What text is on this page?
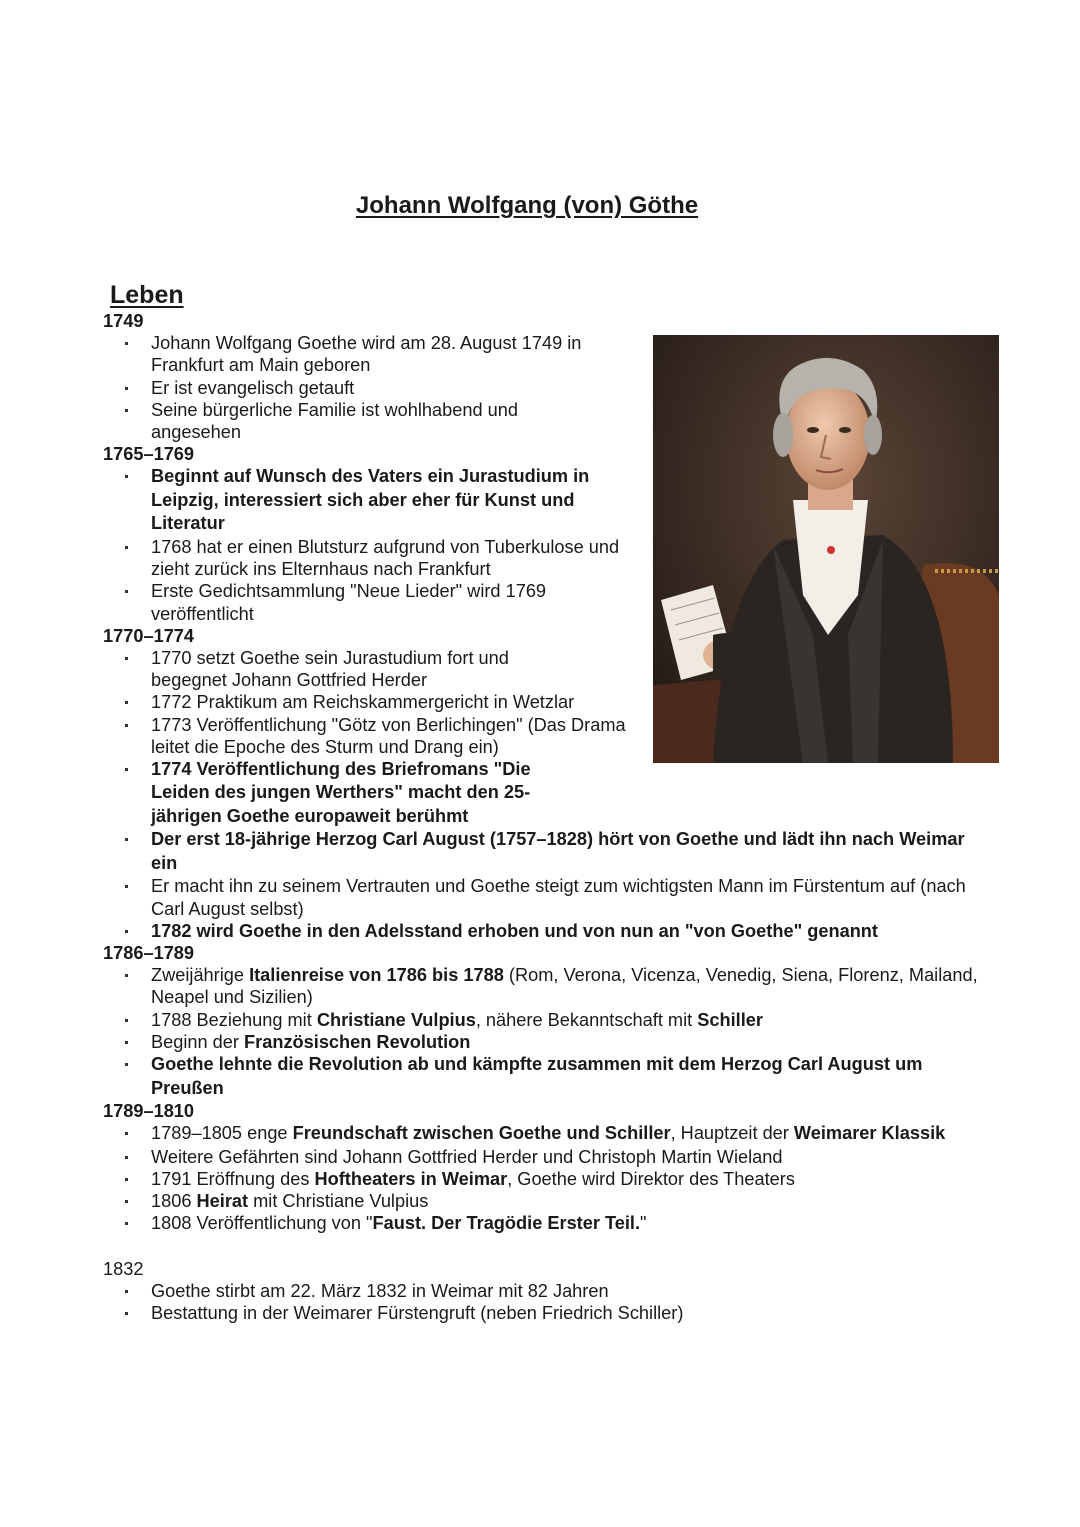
Johann Wolfgang (von) Göthe
Leben
1749
Johann Wolfgang Goethe wird am 28. August 1749 in Frankfurt am Main geboren
Er ist evangelisch getauft
Seine bürgerliche Familie ist wohlhabend und angesehen
1765–1769
Beginnt auf Wunsch des Vaters ein Jurastudium in Leipzig, interessiert sich aber eher für Kunst und Literatur
1768 hat er einen Blutsturz aufgrund von Tuberkulose und zieht zurück ins Elternhaus nach Frankfurt
Erste Gedichtsammlung "Neue Lieder" wird 1769 veröffentlicht
1770–1774
1770 setzt Goethe sein Jurastudium fort und begegnet Johann Gottfried Herder
1772 Praktikum am Reichskammergericht in Wetzlar
1773 Veröffentlichung "Götz von Berlichingen" (Das Drama leitet die Epoche des Sturm und Drang ein)
1774 Veröffentlichung des Briefromans "Die Leiden des jungen Werthers" macht den 25-jährigen Goethe europaweit berühmt
Der erst 18-jährige Herzog Carl August (1757–1828) hört von Goethe und lädt ihn nach Weimar ein
Er macht ihn zu seinem Vertrauten und Goethe steigt zum wichtigsten Mann im Fürstentum auf (nach Carl August selbst)
1782 wird Goethe in den Adelsstand erhoben und von nun an "von Goethe" genannt
1786–1789
Zweijährige Italienreise von 1786 bis 1788 (Rom, Verona, Vicenza, Venedig, Siena, Florenz, Mailand, Neapel und Sizilien)
1788 Beziehung mit Christiane Vulpius, nähere Bekanntschaft mit Schiller
Beginn der Französischen Revolution
Goethe lehnte die Revolution ab und kämpfte zusammen mit dem Herzog Carl August um Preußen
1789–1810
1789–1805 enge Freundschaft zwischen Goethe und Schiller, Hauptzeit der Weimarer Klassik
Weitere Gefährten sind Johann Gottfried Herder und Christoph Martin Wieland
1791 Eröffnung des Hoftheaters in Weimar, Goethe wird Direktor des Theaters
1806 Heirat mit Christiane Vulpius
1808 Veröffentlichung von "Faust. Der Tragödie Erster Teil."
1832
Goethe stirbt am 22. März 1832 in Weimar mit 82 Jahren
Bestattung in der Weimarer Fürstengruft (neben Friedrich Schiller)
